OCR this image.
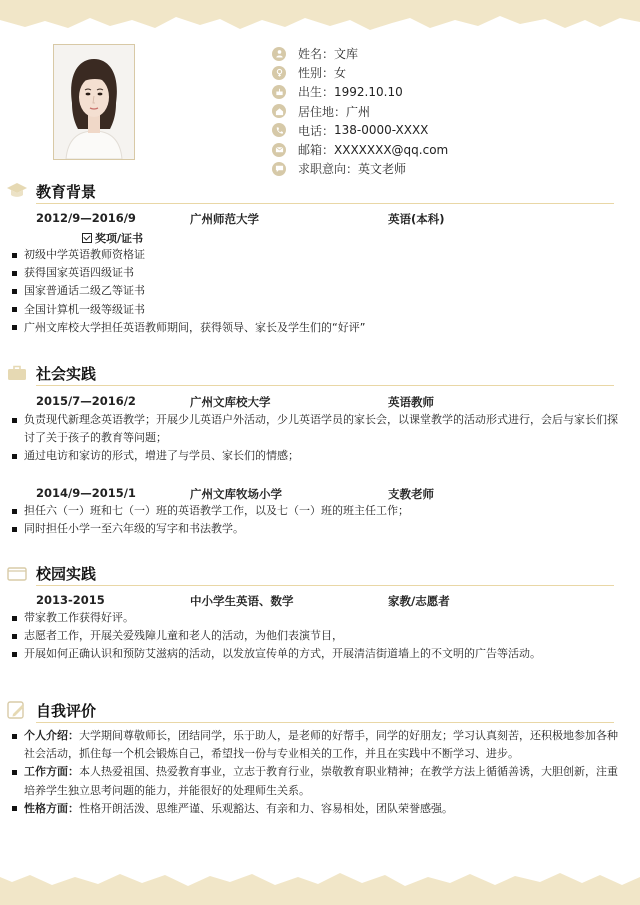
姓名： 文库
性别： 女
出生： 1992.10.10
居住地： 广州
电话： 138-0000-XXXX
邮箱： XXXXXXX@qq.com
求职意向： 英文老师
教育背景
2012/9—2016/9	广州师范大学	英语(本科)
奖项/证书
初级中学英语教师资格证
获得国家英语四级证书
国家普通话二级乙等证书
全国计算机一级等级证书
广州文库校大学担任英语教师期间，获得领导、家长及学生们的“好评”
社会实践
2015/7—2016/2	广州文库校大学	英语教师
负责现代新理念英语教学；开展少儿英语户外活动，少儿英语学员的家长会，以课堂教学的活动形式进行，会后与家长们探讨了关于孩子的教育等问题；
通过电访和家访的形式，增进了与学员、家长们的情感；
2014/9—2015/1	广州文库牧场小学	支教老师
担任六（一）班和七（一）班的英语教学工作，以及七（一）班的班主任工作；
同时担任小学一至六年级的写字和书法教学。
校园实践
2013-2015	中小学生英语、数学	家教/志愿者
带家教工作获得好评。
志愿者工作，开展关爱残障儿童和老人的活动，为他们表演节目，
开展如何正确认识和预防艾滋病的活动，以发放宣传单的方式，开展清洁街道墙上的不文明的广告等活动。
自我评价
个人介绍：大学期间尊敬师长，团结同学，乐于助人，是老师的好帮手，同学的好朋友；学习认真刻苦，还积极地参加各种社会活动，抓住每一个机会锻炼自己，希望找一份与专业相关的工作，并且在实践中不断学习、进步。
工作方面：本人热爱祖国、热爱教育事业，立志于教育行业，崇敬教育职业精神；在教学方法上循循善诱，大胆创新，注重培养学生独立思考问题的能力，并能很好的处理师生关系。
性格方面：性格开朗活泼、思维严谨、乐观豁达、有亲和力、容易相处，团队荣誉感强。
